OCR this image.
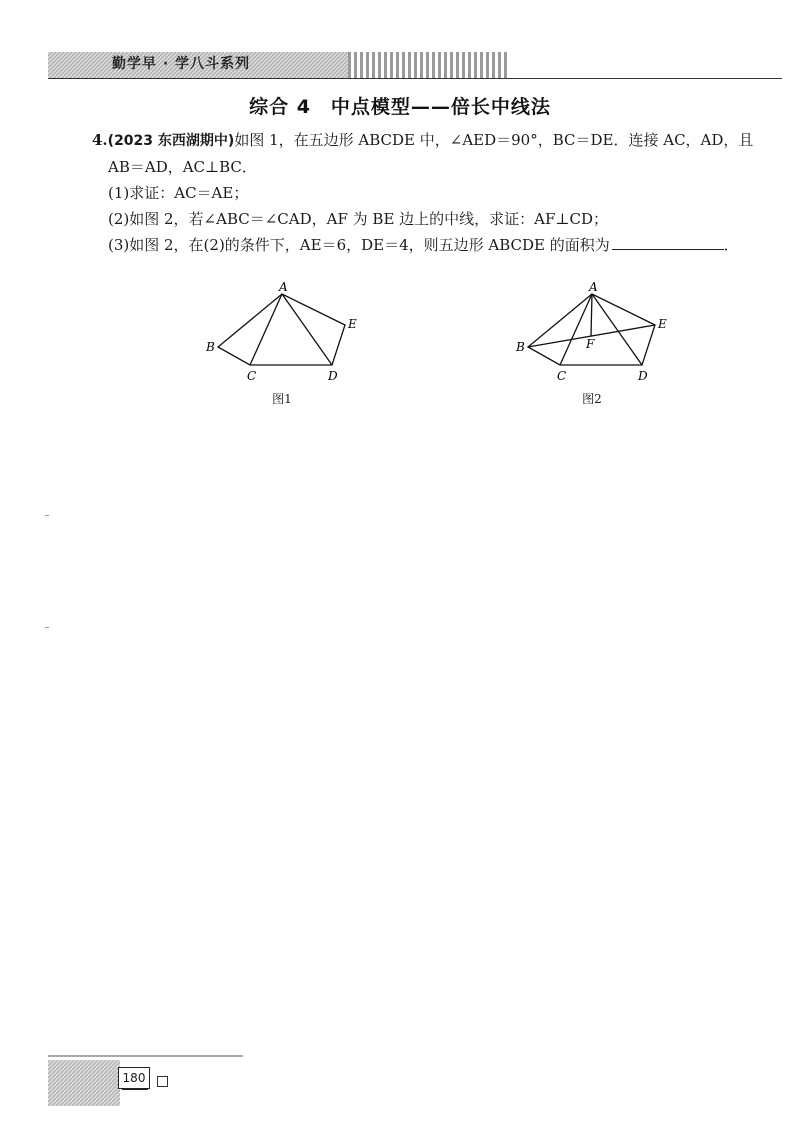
勤学早 · 学八斗系列
综合 4　中点模型——倍长中线法
4.(2023 东西湖期中)如图 1，在五边形 ABCDE 中，∠AED＝90°，BC＝DE．连接 AC，AD，且
AB＝AD，AC⊥BC．
(1)求证：AC＝AE；
(2)如图 2，若∠ABC＝∠CAD，AF 为 BE 边上的中线，求证：AF⊥CD；
(3)如图 2，在(2)的条件下，AE＝6，DE＝4，则五边形 ABCDE 的面积为	．
A
B
C	D
E
图1
A
B
C	D
E
F
图2
180
